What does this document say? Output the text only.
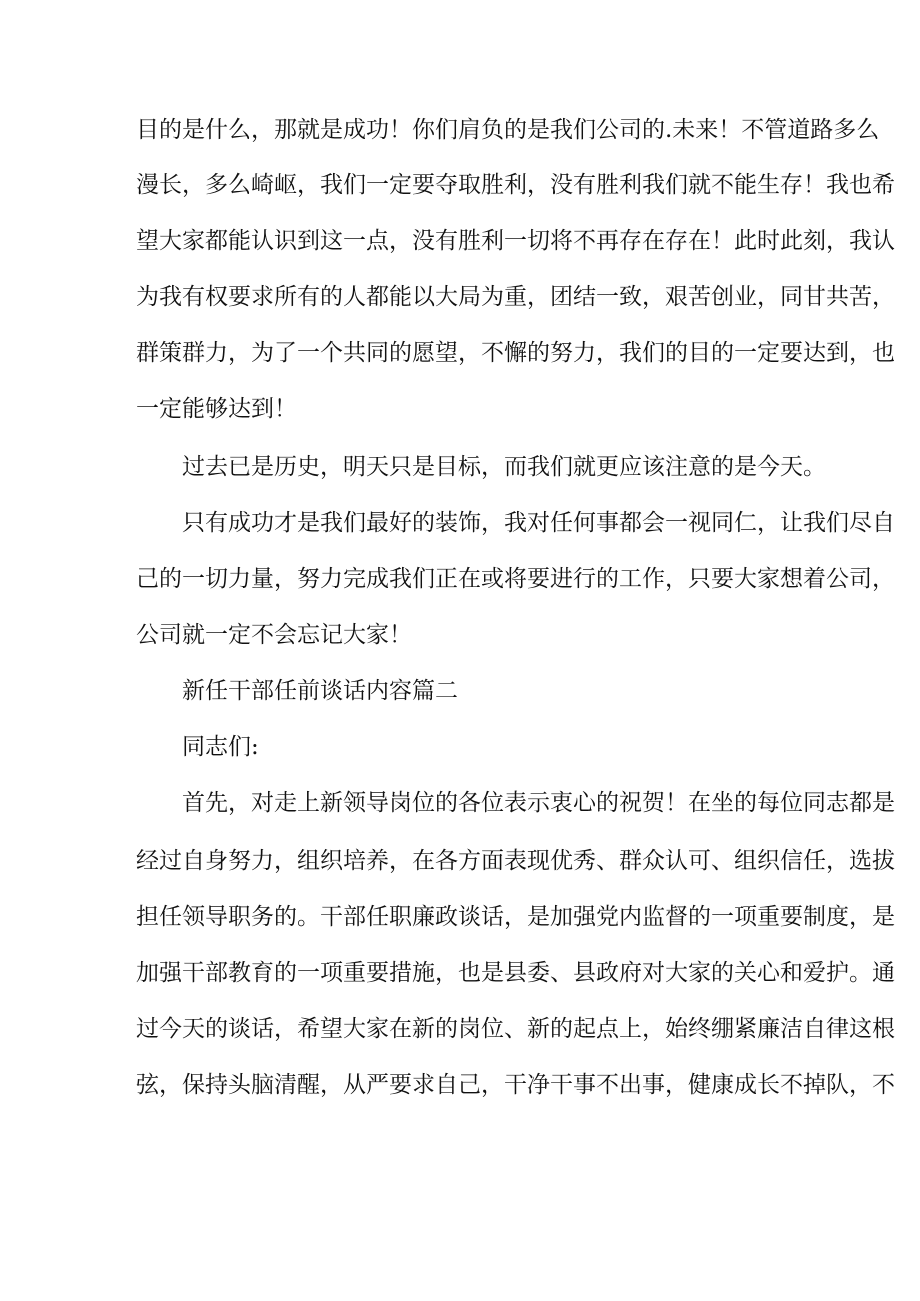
目的是什么，那就是成功！你们肩负的是我们公司的.未来！不管道路多么
漫长，多么崎岖，我们一定要夺取胜利，没有胜利我们就不能生存！我也希
望大家都能认识到这一点，没有胜利一切将不再存在存在！此时此刻，我认
为我有权要求所有的人都能以大局为重，团结一致，艰苦创业，同甘共苦，
群策群力，为了一个共同的愿望，不懈的努力，我们的目的一定要达到，也
一定能够达到！
过去已是历史，明天只是目标，而我们就更应该注意的是今天。
只有成功才是我们最好的装饰，我对任何事都会一视同仁，让我们尽自
己的一切力量，努力完成我们正在或将要进行的工作，只要大家想着公司，
公司就一定不会忘记大家！
新任干部任前谈话内容篇二
同志们:
首先，对走上新领导岗位的各位表示衷心的祝贺！在坐的每位同志都是
经过自身努力，组织培养，在各方面表现优秀、群众认可、组织信任，选拔
担任领导职务的。干部任职廉政谈话，是加强党内监督的一项重要制度，是
加强干部教育的一项重要措施，也是县委、县政府对大家的关心和爱护。通
过今天的谈话，希望大家在新的岗位、新的起点上，始终绷紧廉洁自律这根
弦，保持头脑清醒，从严要求自己，干净干事不出事，健康成长不掉队，不
